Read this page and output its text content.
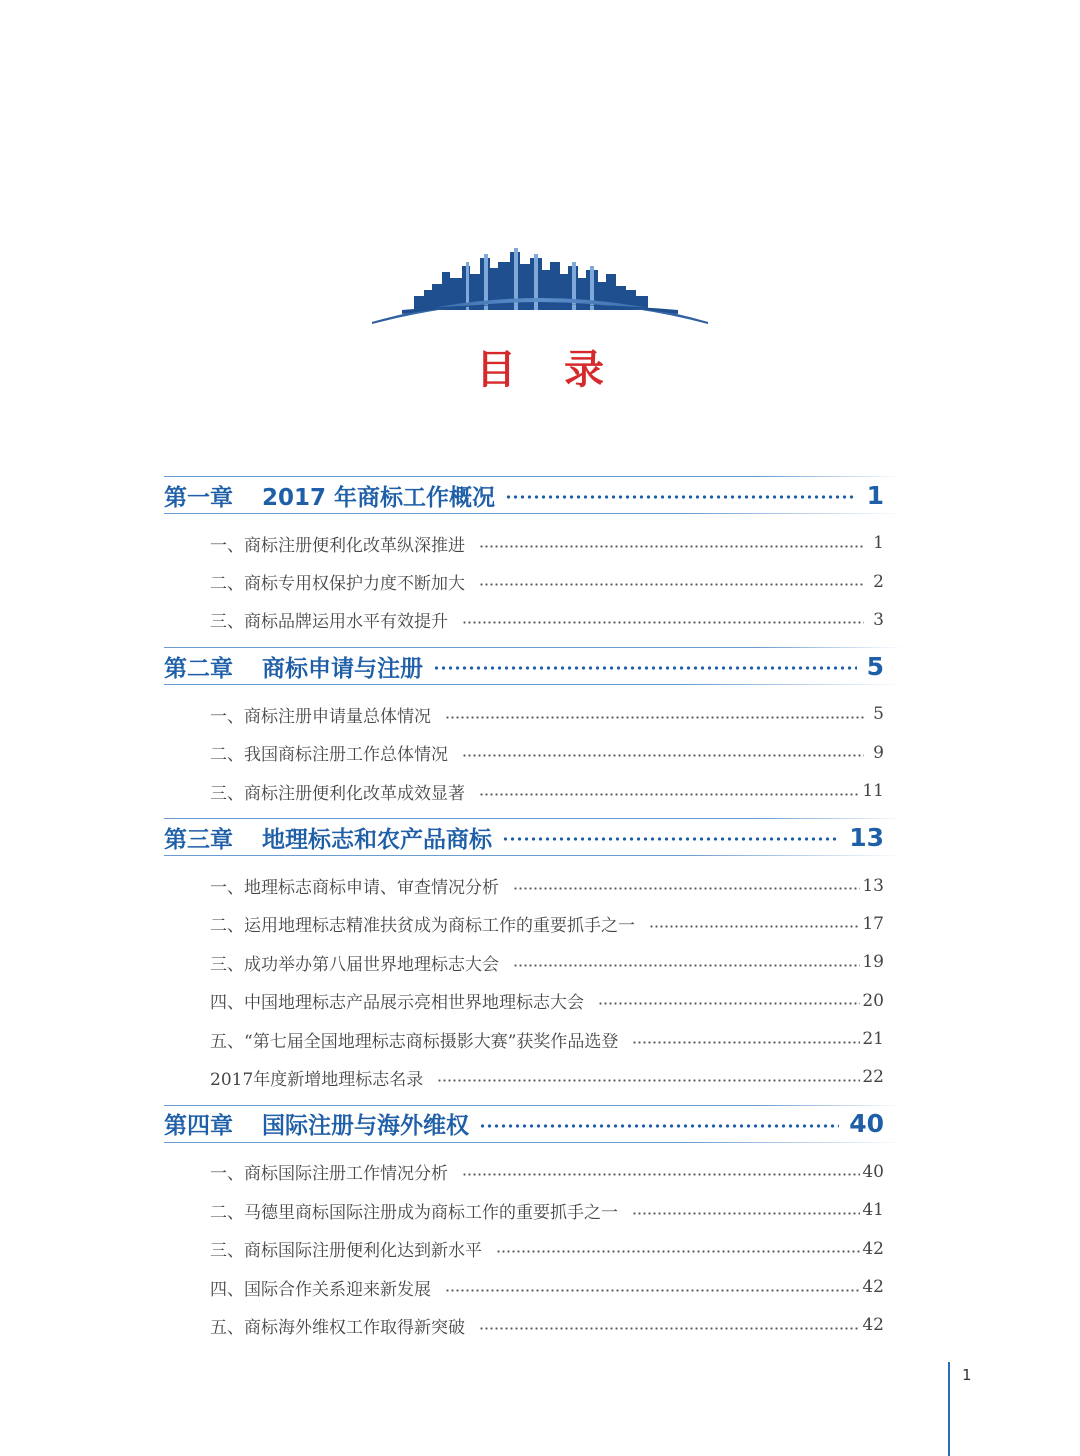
目录
第一章	2017 年商标工作概况	1
一、商标注册便利化改革纵深推进	1
二、商标专用权保护力度不断加大	2
三、商标品牌运用水平有效提升	3
第二章	商标申请与注册	5
一、商标注册申请量总体情况	5
二、我国商标注册工作总体情况	9
三、商标注册便利化改革成效显著	11
第三章	地理标志和农产品商标	13
一、地理标志商标申请、审查情况分析	13
二、运用地理标志精准扶贫成为商标工作的重要抓手之一	17
三、成功举办第八届世界地理标志大会	19
四、中国地理标志产品展示亮相世界地理标志大会	20
五、“第七届全国地理标志商标摄影大赛”获奖作品选登	21
2017年度新增地理标志名录	22
第四章	国际注册与海外维权	40
一、商标国际注册工作情况分析	40
二、马德里商标国际注册成为商标工作的重要抓手之一	41
三、商标国际注册便利化达到新水平	42
四、国际合作关系迎来新发展	42
五、商标海外维权工作取得新突破	42
1
